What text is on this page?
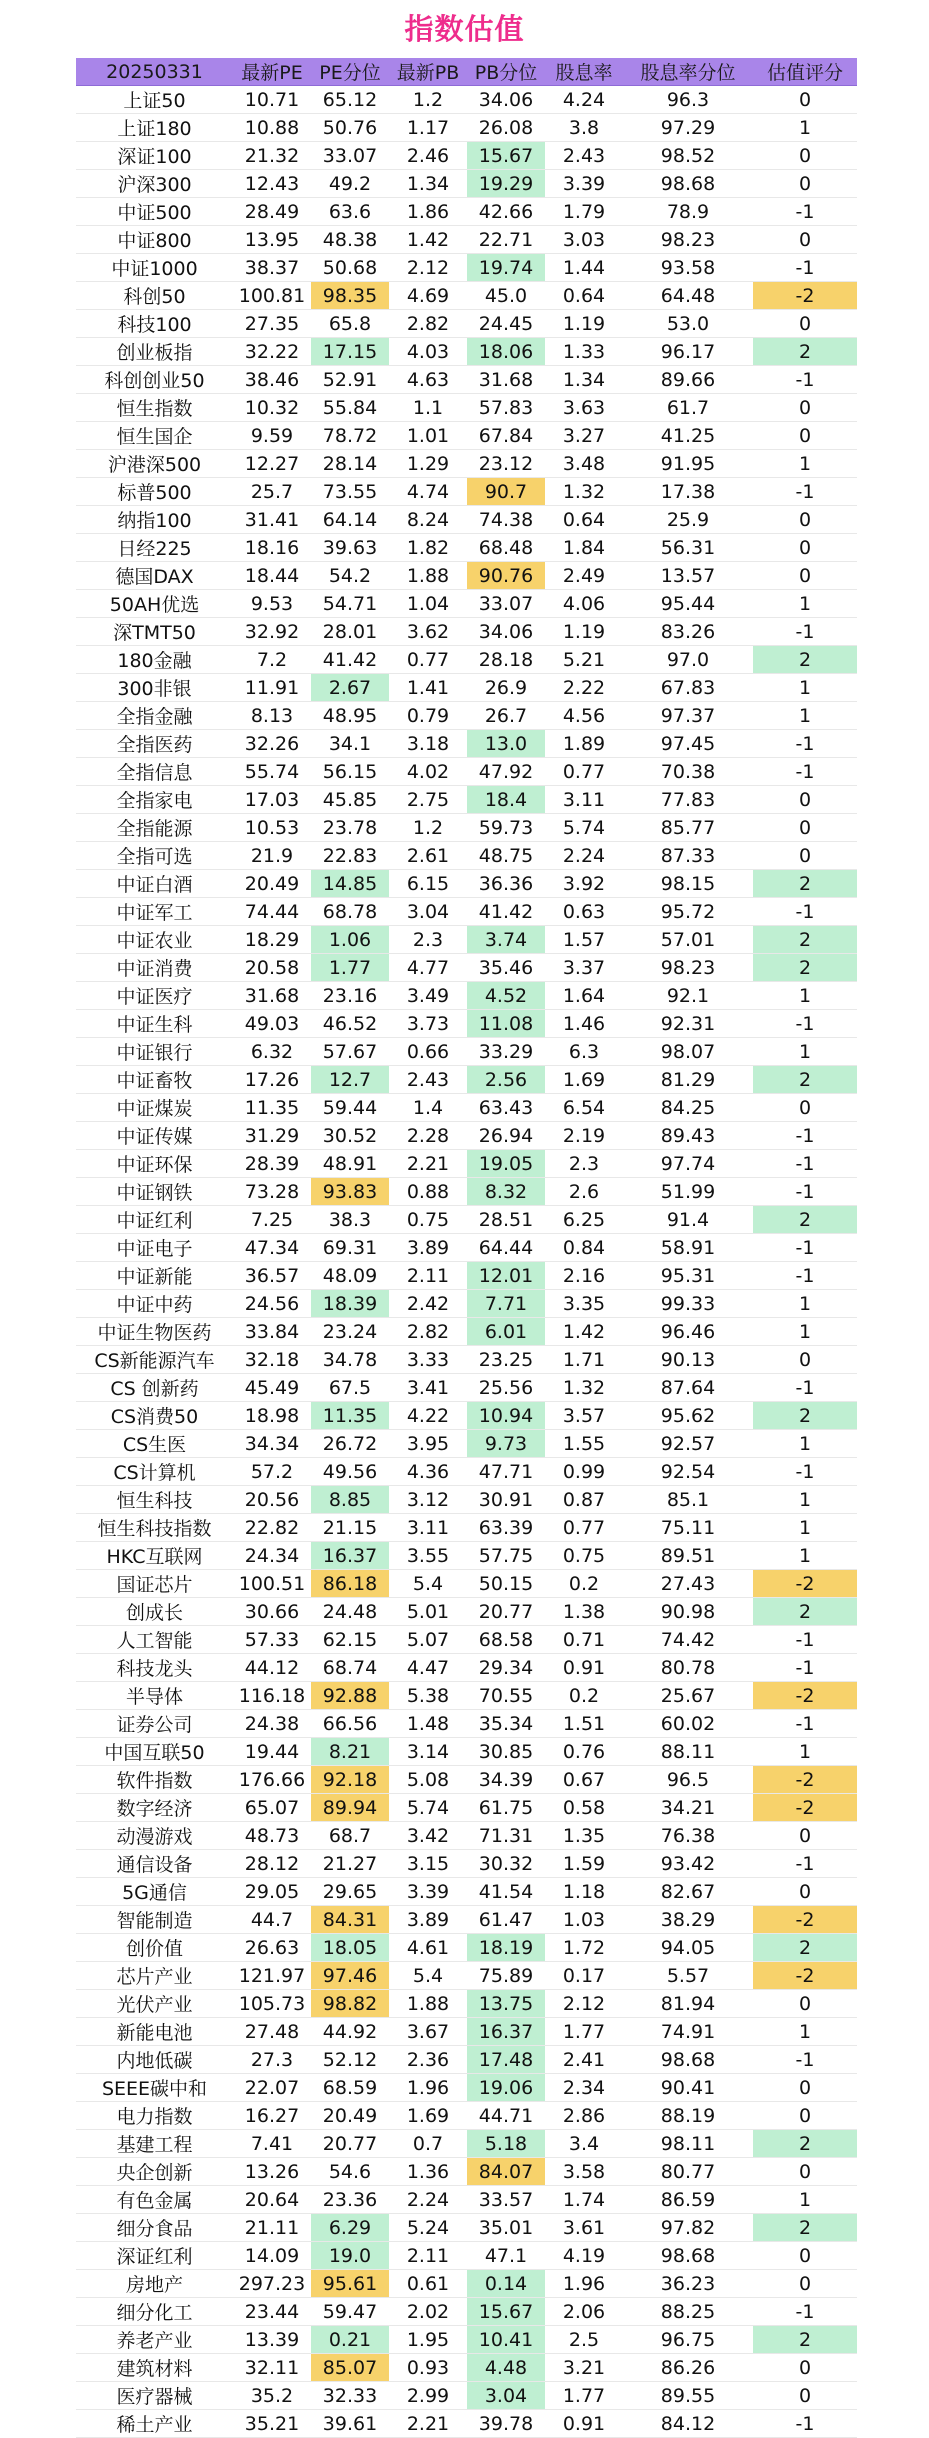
指数估值
20250331	最新PE	PE分位	最新PB	PB分位	股息率	股息率分位	估值评分
上证50	10.71	65.12	1.2	34.06	4.24	96.3	0
上证180	10.88	50.76	1.17	26.08	3.8	97.29	1
深证100	21.32	33.07	2.46	15.67	2.43	98.52	0
沪深300	12.43	49.2	1.34	19.29	3.39	98.68	0
中证500	28.49	63.6	1.86	42.66	1.79	78.9	-1
中证800	13.95	48.38	1.42	22.71	3.03	98.23	0
中证1000	38.37	50.68	2.12	19.74	1.44	93.58	-1
科创50	100.81	98.35	4.69	45.0	0.64	64.48	-2
科技100	27.35	65.8	2.82	24.45	1.19	53.0	0
创业板指	32.22	17.15	4.03	18.06	1.33	96.17	2
科创创业50	38.46	52.91	4.63	31.68	1.34	89.66	-1
恒生指数	10.32	55.84	1.1	57.83	3.63	61.7	0
恒生国企	9.59	78.72	1.01	67.84	3.27	41.25	0
沪港深500	12.27	28.14	1.29	23.12	3.48	91.95	1
标普500	25.7	73.55	4.74	90.7	1.32	17.38	-1
纳指100	31.41	64.14	8.24	74.38	0.64	25.9	0
日经225	18.16	39.63	1.82	68.48	1.84	56.31	0
德国DAX	18.44	54.2	1.88	90.76	2.49	13.57	0
50AH优选	9.53	54.71	1.04	33.07	4.06	95.44	1
深TMT50	32.92	28.01	3.62	34.06	1.19	83.26	-1
180金融	7.2	41.42	0.77	28.18	5.21	97.0	2
300非银	11.91	2.67	1.41	26.9	2.22	67.83	1
全指金融	8.13	48.95	0.79	26.7	4.56	97.37	1
全指医药	32.26	34.1	3.18	13.0	1.89	97.45	-1
全指信息	55.74	56.15	4.02	47.92	0.77	70.38	-1
全指家电	17.03	45.85	2.75	18.4	3.11	77.83	0
全指能源	10.53	23.78	1.2	59.73	5.74	85.77	0
全指可选	21.9	22.83	2.61	48.75	2.24	87.33	0
中证白酒	20.49	14.85	6.15	36.36	3.92	98.15	2
中证军工	74.44	68.78	3.04	41.42	0.63	95.72	-1
中证农业	18.29	1.06	2.3	3.74	1.57	57.01	2
中证消费	20.58	1.77	4.77	35.46	3.37	98.23	2
中证医疗	31.68	23.16	3.49	4.52	1.64	92.1	1
中证生科	49.03	46.52	3.73	11.08	1.46	92.31	-1
中证银行	6.32	57.67	0.66	33.29	6.3	98.07	1
中证畜牧	17.26	12.7	2.43	2.56	1.69	81.29	2
中证煤炭	11.35	59.44	1.4	63.43	6.54	84.25	0
中证传媒	31.29	30.52	2.28	26.94	2.19	89.43	-1
中证环保	28.39	48.91	2.21	19.05	2.3	97.74	-1
中证钢铁	73.28	93.83	0.88	8.32	2.6	51.99	-1
中证红利	7.25	38.3	0.75	28.51	6.25	91.4	2
中证电子	47.34	69.31	3.89	64.44	0.84	58.91	-1
中证新能	36.57	48.09	2.11	12.01	2.16	95.31	-1
中证中药	24.56	18.39	2.42	7.71	3.35	99.33	1
中证生物医药	33.84	23.24	2.82	6.01	1.42	96.46	1
CS新能源汽车	32.18	34.78	3.33	23.25	1.71	90.13	0
CS 创新药	45.49	67.5	3.41	25.56	1.32	87.64	-1
CS消费50	18.98	11.35	4.22	10.94	3.57	95.62	2
CS生医	34.34	26.72	3.95	9.73	1.55	92.57	1
CS计算机	57.2	49.56	4.36	47.71	0.99	92.54	-1
恒生科技	20.56	8.85	3.12	30.91	0.87	85.1	1
恒生科技指数	22.82	21.15	3.11	63.39	0.77	75.11	1
HKC互联网	24.34	16.37	3.55	57.75	0.75	89.51	1
国证芯片	100.51	86.18	5.4	50.15	0.2	27.43	-2
创成长	30.66	24.48	5.01	20.77	1.38	90.98	2
人工智能	57.33	62.15	5.07	68.58	0.71	74.42	-1
科技龙头	44.12	68.74	4.47	29.34	0.91	80.78	-1
半导体	116.18	92.88	5.38	70.55	0.2	25.67	-2
证券公司	24.38	66.56	1.48	35.34	1.51	60.02	-1
中国互联50	19.44	8.21	3.14	30.85	0.76	88.11	1
软件指数	176.66	92.18	5.08	34.39	0.67	96.5	-2
数字经济	65.07	89.94	5.74	61.75	0.58	34.21	-2
动漫游戏	48.73	68.7	3.42	71.31	1.35	76.38	0
通信设备	28.12	21.27	3.15	30.32	1.59	93.42	-1
5G通信	29.05	29.65	3.39	41.54	1.18	82.67	0
智能制造	44.7	84.31	3.89	61.47	1.03	38.29	-2
创价值	26.63	18.05	4.61	18.19	1.72	94.05	2
芯片产业	121.97	97.46	5.4	75.89	0.17	5.57	-2
光伏产业	105.73	98.82	1.88	13.75	2.12	81.94	0
新能电池	27.48	44.92	3.67	16.37	1.77	74.91	1
内地低碳	27.3	52.12	2.36	17.48	2.41	98.68	-1
SEEE碳中和	22.07	68.59	1.96	19.06	2.34	90.41	0
电力指数	16.27	20.49	1.69	44.71	2.86	88.19	0
基建工程	7.41	20.77	0.7	5.18	3.4	98.11	2
央企创新	13.26	54.6	1.36	84.07	3.58	80.77	0
有色金属	20.64	23.36	2.24	33.57	1.74	86.59	1
细分食品	21.11	6.29	5.24	35.01	3.61	97.82	2
深证红利	14.09	19.0	2.11	47.1	4.19	98.68	0
房地产	297.23	95.61	0.61	0.14	1.96	36.23	0
细分化工	23.44	59.47	2.02	15.67	2.06	88.25	-1
养老产业	13.39	0.21	1.95	10.41	2.5	96.75	2
建筑材料	32.11	85.07	0.93	4.48	3.21	86.26	0
医疗器械	35.2	32.33	2.99	3.04	1.77	89.55	0
稀土产业	35.21	39.61	2.21	39.78	0.91	84.12	-1
